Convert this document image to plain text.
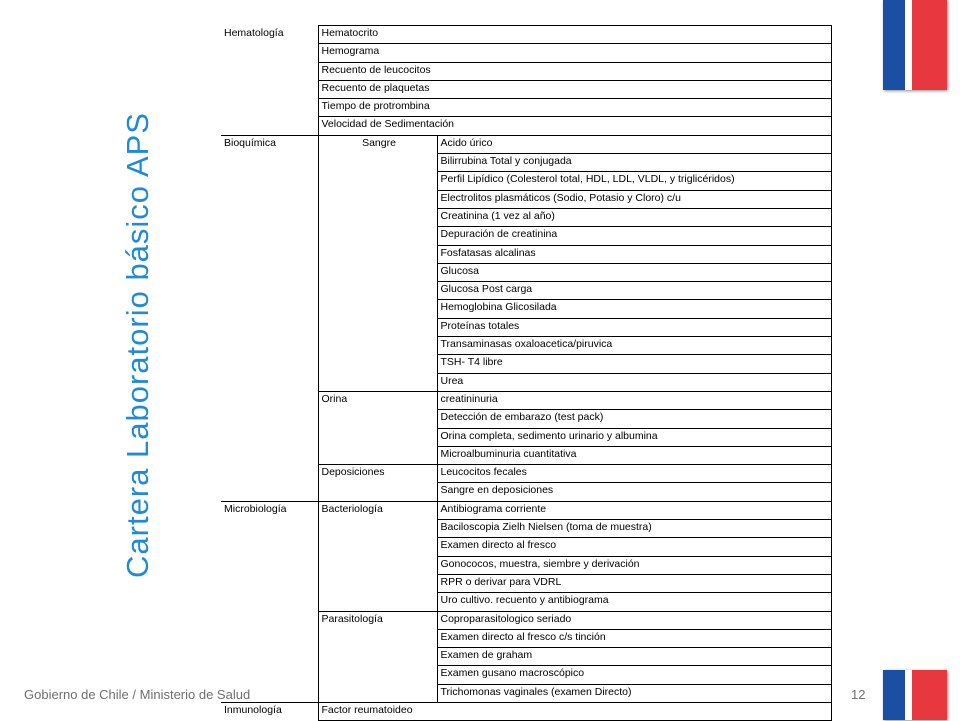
Cartera Laboratorio básico APS
Hematología	Hematocrito	
	Hemograma	
	Recuento de leucocitos	
	Recuento de plaquetas	
	Tiempo de protrombina	
	Velocidad de Sedimentación	
Bioquímica	Sangre	Acido úrico
		Bilirrubina Total y conjugada
		Perfil Lipídico (Colesterol total, HDL, LDL, VLDL, y triglicéridos)
		Electrolitos plasmáticos (Sodio, Potasio y Cloro) c/u
		Creatinina (1 vez al año)
		Depuración de creatinina
		Fosfatasas alcalinas
		Glucosa
		Glucosa Post carga
		Hemoglobina Glicosilada
		Proteínas totales
		Transaminasas oxaloacetica/piruvica
		TSH- T4 libre
		Urea
	Orina	creatininuria
		Detección de embarazo (test pack)
		Orina completa, sedimento urinario y albumina
		Microalbuminuria cuantitativa
	Deposiciones	Leucocitos fecales
		Sangre en deposiciones
Microbiología	Bacteriología	Antibiograma corriente
		Baciloscopia Zielh Nielsen (toma de muestra)
		Examen directo al fresco
		Gonococos, muestra, siembre y derivación
		RPR o derivar para VDRL
		Uro cultivo. recuento y antibiograma
	Parasitología	Coproparasitologico seriado
		Examen directo al fresco c/s tinción
		Examen de graham
		Examen gusano macroscópico
		Trichomonas vaginales (examen Directo)
Inmunología	Factor reumatoideo	
Gobierno de Chile / Ministerio de Salud	12
